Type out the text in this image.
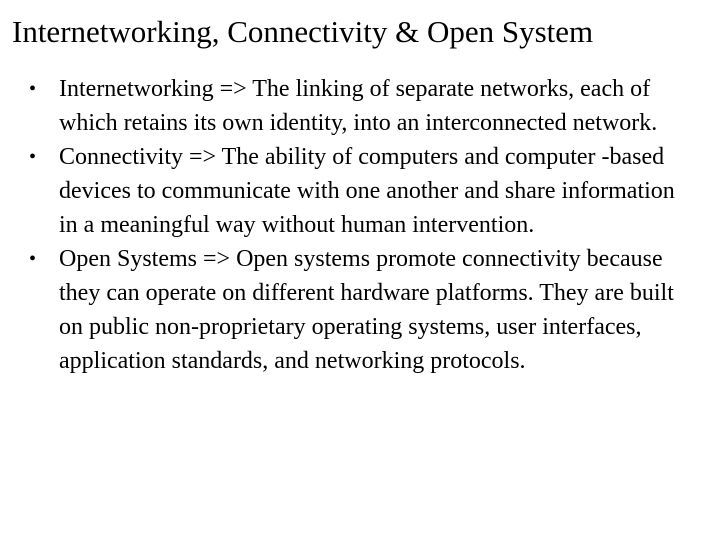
Internetworking, Connectivity & Open System
• Internetworking => The linking of separate networks, each of which retains its own identity, into an interconnected network.
• Connectivity => The ability of computers and computer -based devices to communicate with one another and share information in a meaningful way without human intervention.
• Open Systems => Open systems promote connectivity because they can operate on different hardware platforms. They are built on public non-proprietary operating systems, user interfaces, application standards, and networking protocols.
